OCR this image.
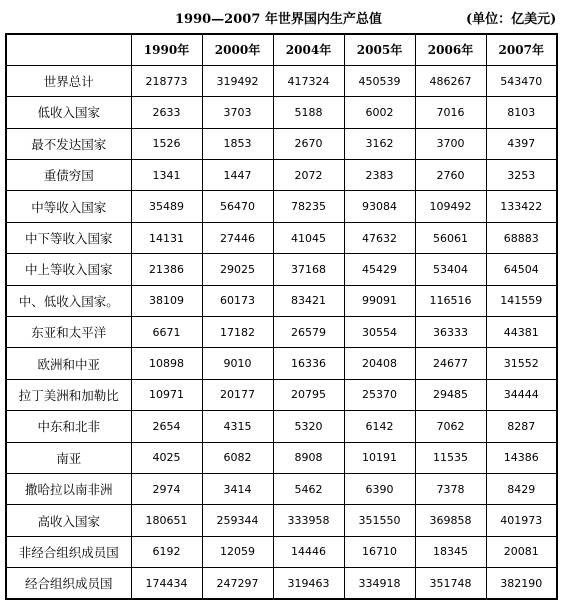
1990—2007 年世界国内生产总值	(单位：亿美元)
	1990年	2000年	2004年	2005年	2006年	2007年
世界总计	218773	319492	417324	450539	486267	543470
低收入国家	2633	3703	5188	6002	7016	8103
最不发达国家	1526	1853	2670	3162	3700	4397
重债穷国	1341	1447	2072	2383	2760	3253
中等收入国家	35489	56470	78235	93084	109492	133422
中下等收入国家	14131	27446	41045	47632	56061	68883
中上等收入国家	21386	29025	37168	45429	53404	64504
中、低收入国家。	38109	60173	83421	99091	116516	141559
东亚和太平洋	6671	17182	26579	30554	36333	44381
欧洲和中亚	10898	9010	16336	20408	24677	31552
拉丁美洲和加勒比	10971	20177	20795	25370	29485	34444
中东和北非	2654	4315	5320	6142	7062	8287
南亚	4025	6082	8908	10191	11535	14386
撒哈拉以南非洲	2974	3414	5462	6390	7378	8429
高收入国家	180651	259344	333958	351550	369858	401973
非经合组织成员国	6192	12059	14446	16710	18345	20081
经合组织成员国	174434	247297	319463	334918	351748	382190
